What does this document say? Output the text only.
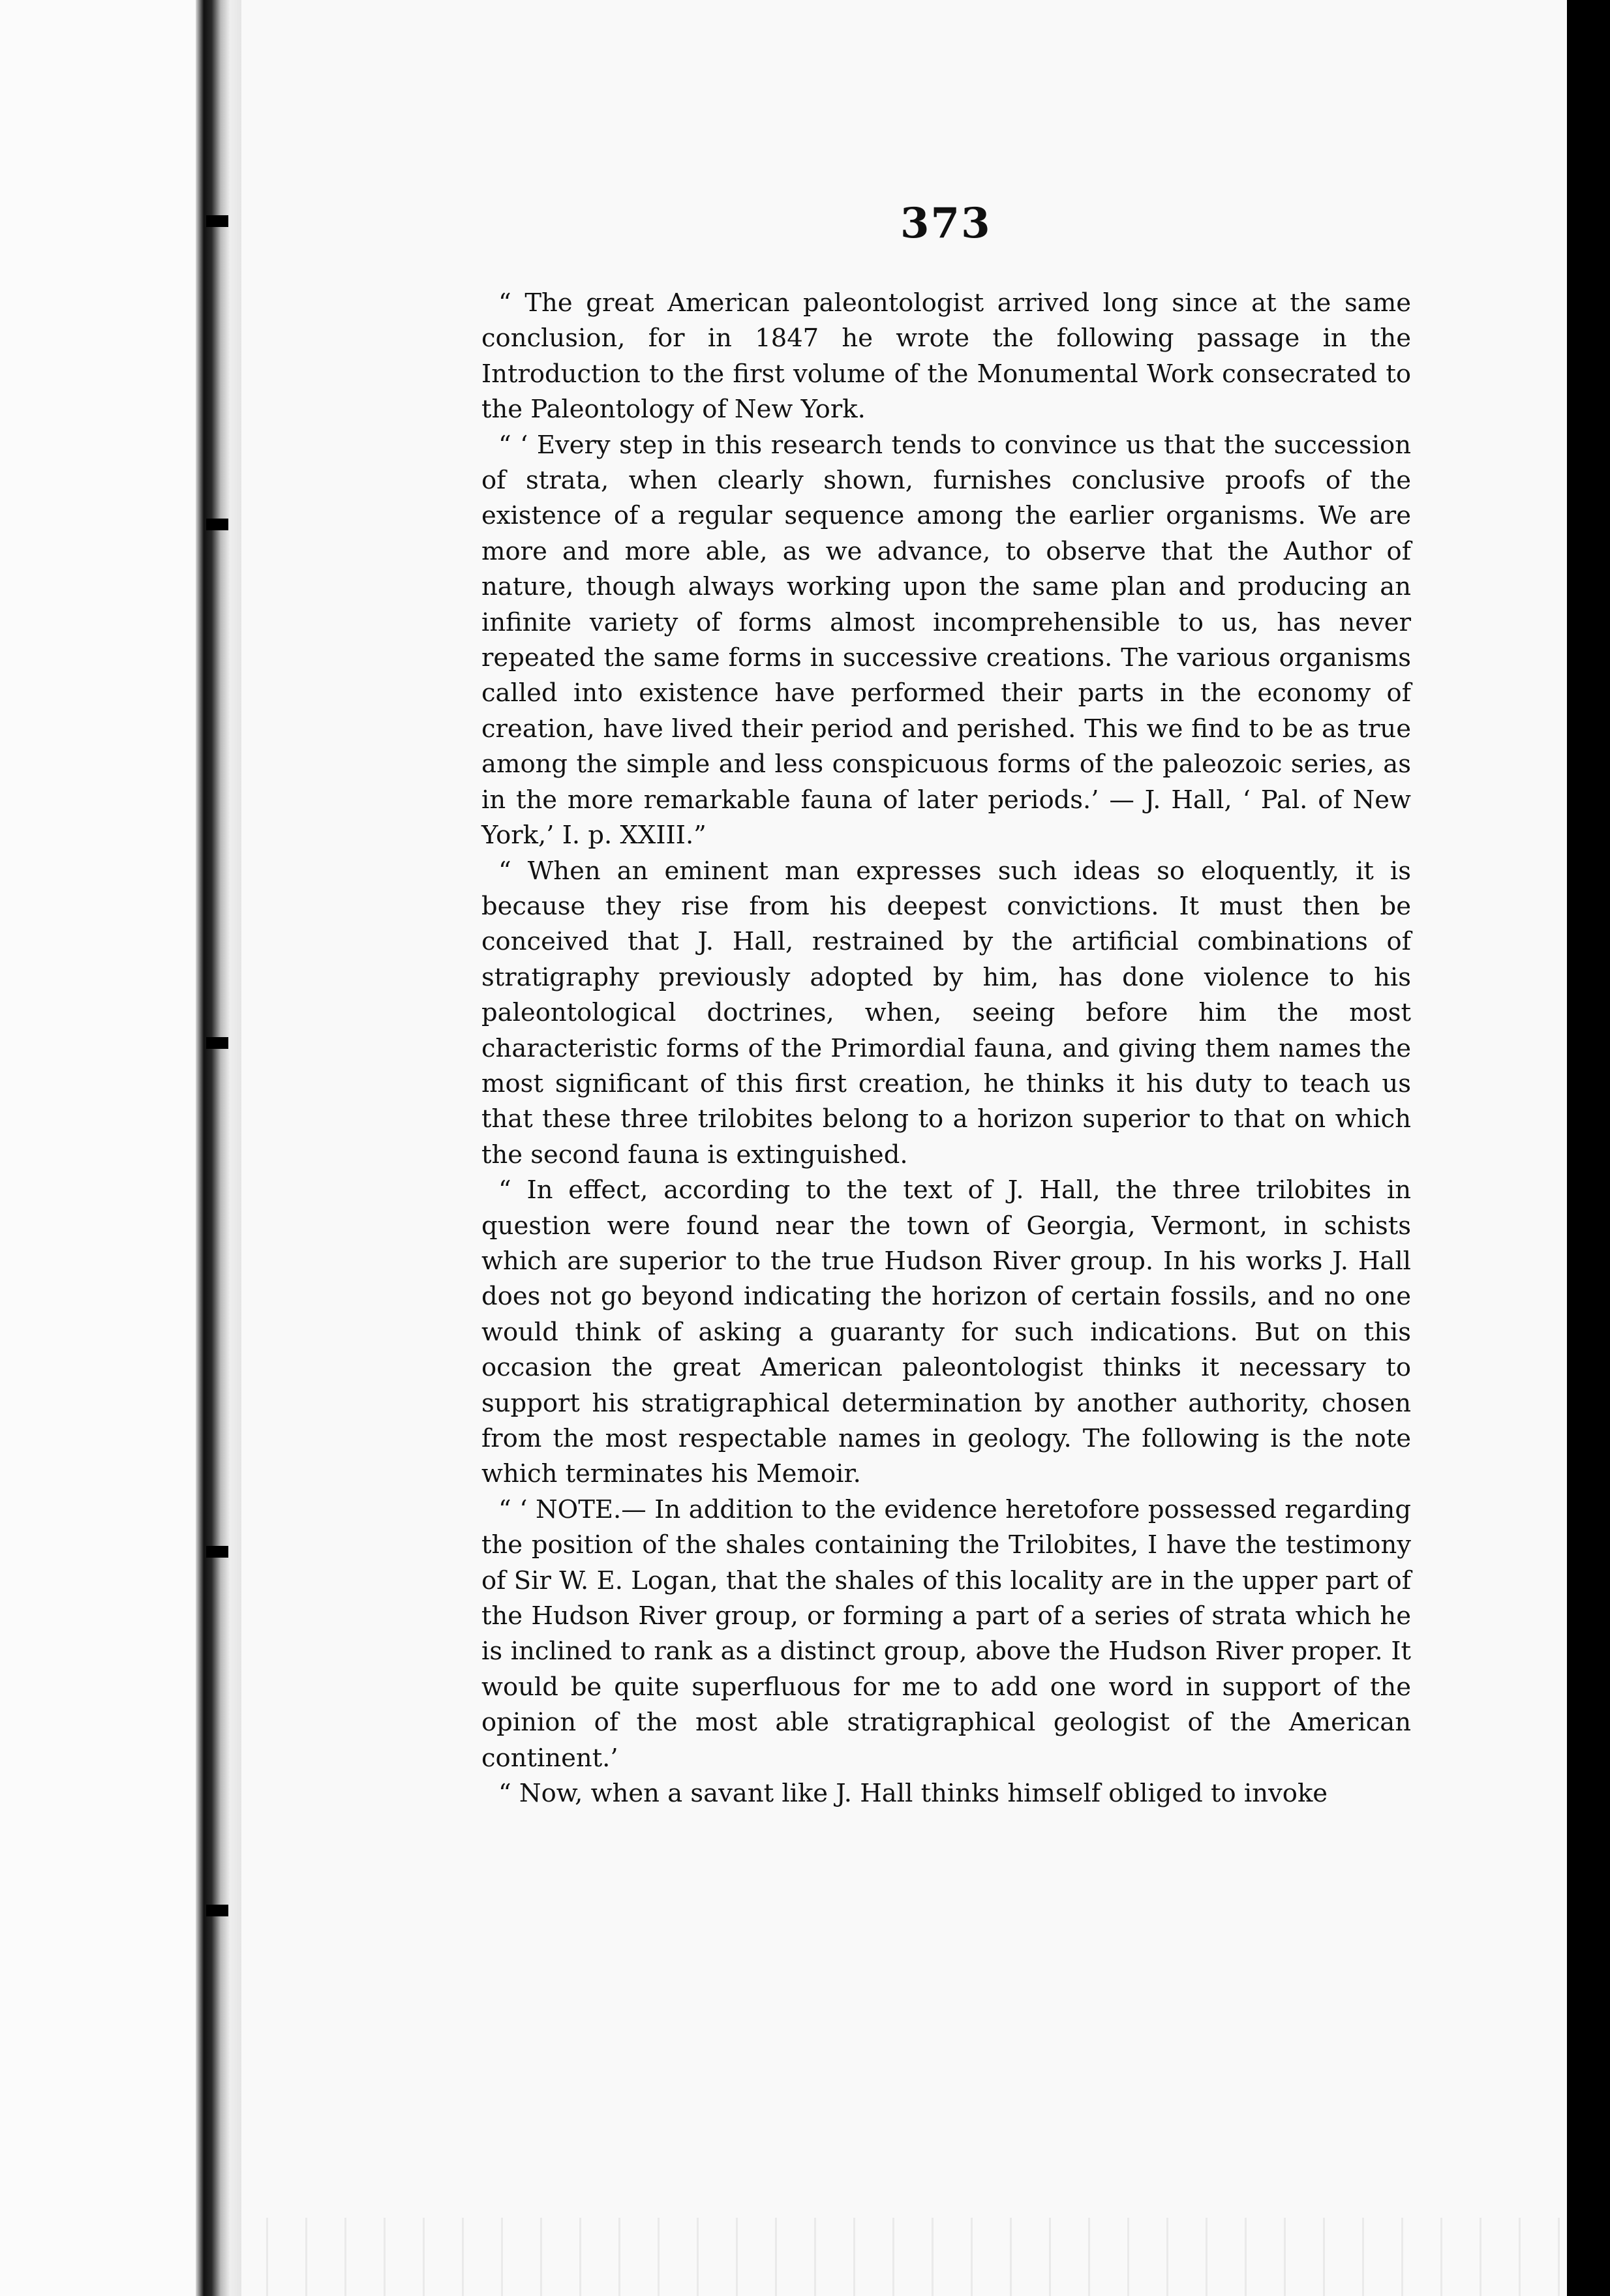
373

“ The great American paleontologist arrived long since at the same conclusion, for in 1847 he wrote the following passage in the Introduction to the first volume of the Monumental Work consecrated to the Paleontology of New York.

“ ‘ Every step in this research tends to convince us that the succession of strata, when clearly shown, furnishes conclusive proofs of the existence of a regular sequence among the earlier organisms. We are more and more able, as we advance, to observe that the Author of nature, though always working upon the same plan and producing an infinite variety of forms almost incomprehensible to us, has never repeated the same forms in successive creations. The various organisms called into existence have performed their parts in the economy of creation, have lived their period and perished. This we find to be as true among the simple and less conspicuous forms of the paleozoic series, as in the more remarkable fauna of later periods.’ — J. Hall, ‘ Pal. of New York,’ I. p. XXIII.”

“ When an eminent man expresses such ideas so eloquently, it is because they rise from his deepest convictions. It must then be conceived that J. Hall, restrained by the artificial combinations of stratigraphy previously adopted by him, has done violence to his paleontological doctrines, when, seeing before him the most characteristic forms of the Primordial fauna, and giving them names the most significant of this first creation, he thinks it his duty to teach us that these three trilobites belong to a horizon superior to that on which the second fauna is extinguished.

“ In effect, according to the text of J. Hall, the three trilobites in question were found near the town of Georgia, Vermont, in schists which are superior to the true Hudson River group. In his works J. Hall does not go beyond indicating the horizon of certain fossils, and no one would think of asking a guaranty for such indications. But on this occasion the great American paleontologist thinks it necessary to support his stratigraphical determination by another authority, chosen from the most respectable names in geology. The following is the note which terminates his Memoir.

“ ‘ NOTE.— In addition to the evidence heretofore possessed regarding the position of the shales containing the Trilobites, I have the testimony of Sir W. E. Logan, that the shales of this locality are in the upper part of the Hudson River group, or forming a part of a series of strata which he is inclined to rank as a distinct group, above the Hudson River proper. It would be quite superfluous for me to add one word in support of the opinion of the most able stratigraphical geologist of the American continent.’

“ Now, when a savant like J. Hall thinks himself obliged to invoke
